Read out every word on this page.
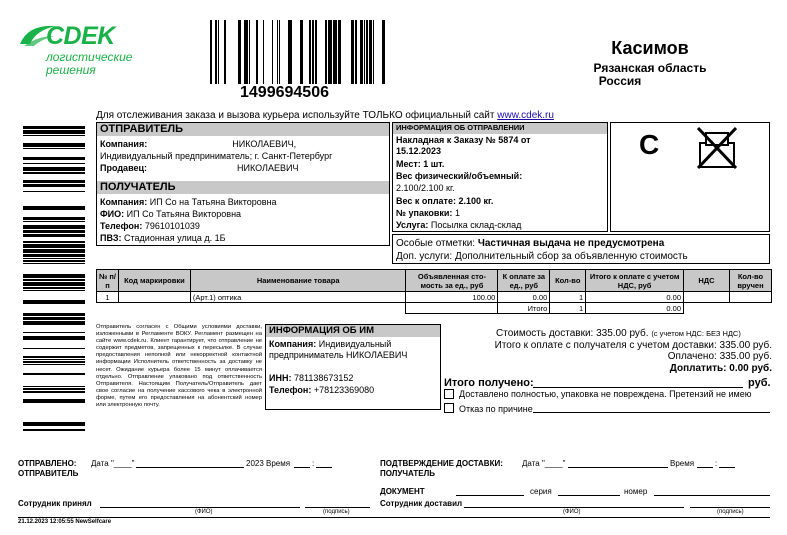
CDEK
логистические
решения
1499694506
Касимов
Рязанская область
Россия
Для отслеживания заказа и вызова курьера используйте ТОЛЬКО официальный сайт www.cdek.ru
ОТПРАВИТЕЛЬ
Компания:	НИКОЛАЕВИЧ,
Индивидуальный предприниматель; г. Санкт-Петербург
Продавец:	НИКОЛАЕВИЧ
ПОЛУЧАТЕЛЬ
Компания: ИП Со на Татьяна Викторовна
ФИО: ИП Со Татьяна Викторовна
Телефон: 79610101039
ПВЗ: Стадионная улица д. 1Б
ИНФОРМАЦИЯ ОБ ОТПРАВЛЕНИИ
Накладная к Заказу № 5874 от 15.12.2023
Мест: 1 шт.
Вес физический/объемный:
2.100/2.100 кг.
Вес к оплате: 2.100 кг.
№ упаковки: 1
Услуга: Посылка склад-склад
С
Особые отметки: Частичная выдача не предусмотрена
Доп. услуги: Дополнительный сбор за объявленную стоимость
№ п/п	Код маркировки	Наименование товара	Объявленная сто- мость за ед., руб	К оплате за ед., руб	Кол-во	Итого к оплате с учетом НДС, руб	НДС	Кол-во вручен
1		(Арт.1) оптика	100.00	0.00	1	0.00		
				Итого	1	0.00		
Отправитель согласен с Общими условиями доставки, изложенными в Регламенте ВОКУ. Регламент размещен на сайте www.cdek.ru. Клиент гарантирует, что отправление не содержит предметов, запрещенных к пересылке. В случае предоставления неполной или некорректной контактной информации Исполнитель ответственность за доставку не несет. Ожидание курьера более 15 минут оплачивается отдельно. Отправление упаковано под ответственность Отправителя. Настоящим Получатель/Отправитель дает свое согласие на получение кассового чека в электронной форме, путем его предоставления на абонентский номер или электронную почту.
ИНФОРМАЦИЯ ОБ ИМ
Компания: Индивидуальный предприниматель НИКОЛАЕВИЧ
ИНН: 781138673152
Телефон: +78123369080
Стоимость доставки: 335.00 руб. (с учетом НДС: БЕЗ НДС)
Итого к оплате с получателя с учетом доставки: 335.00 руб.
Оплачено: 335.00 руб.
Доплатить: 0.00 руб.
Итого получено:	руб.
Доставлено полностью, упаковка не повреждена. Претензий не имею
Отказ по причине
ОТПРАВЛЕНО:
ОТПРАВИТЕЛЬ
Дата "____"	2023 Время	:
Сотрудник принял
(ФИО)	(подпись)
ПОДТВЕРЖДЕНИЕ ДОСТАВКИ:
ПОЛУЧАТЕЛЬ
Дата "____"	Время	:
ДОКУМЕНТ	серия	номер
Сотрудник доставил
(ФИО)	(подпись)
21.12.2023 12:05:55 NewSelfcare
